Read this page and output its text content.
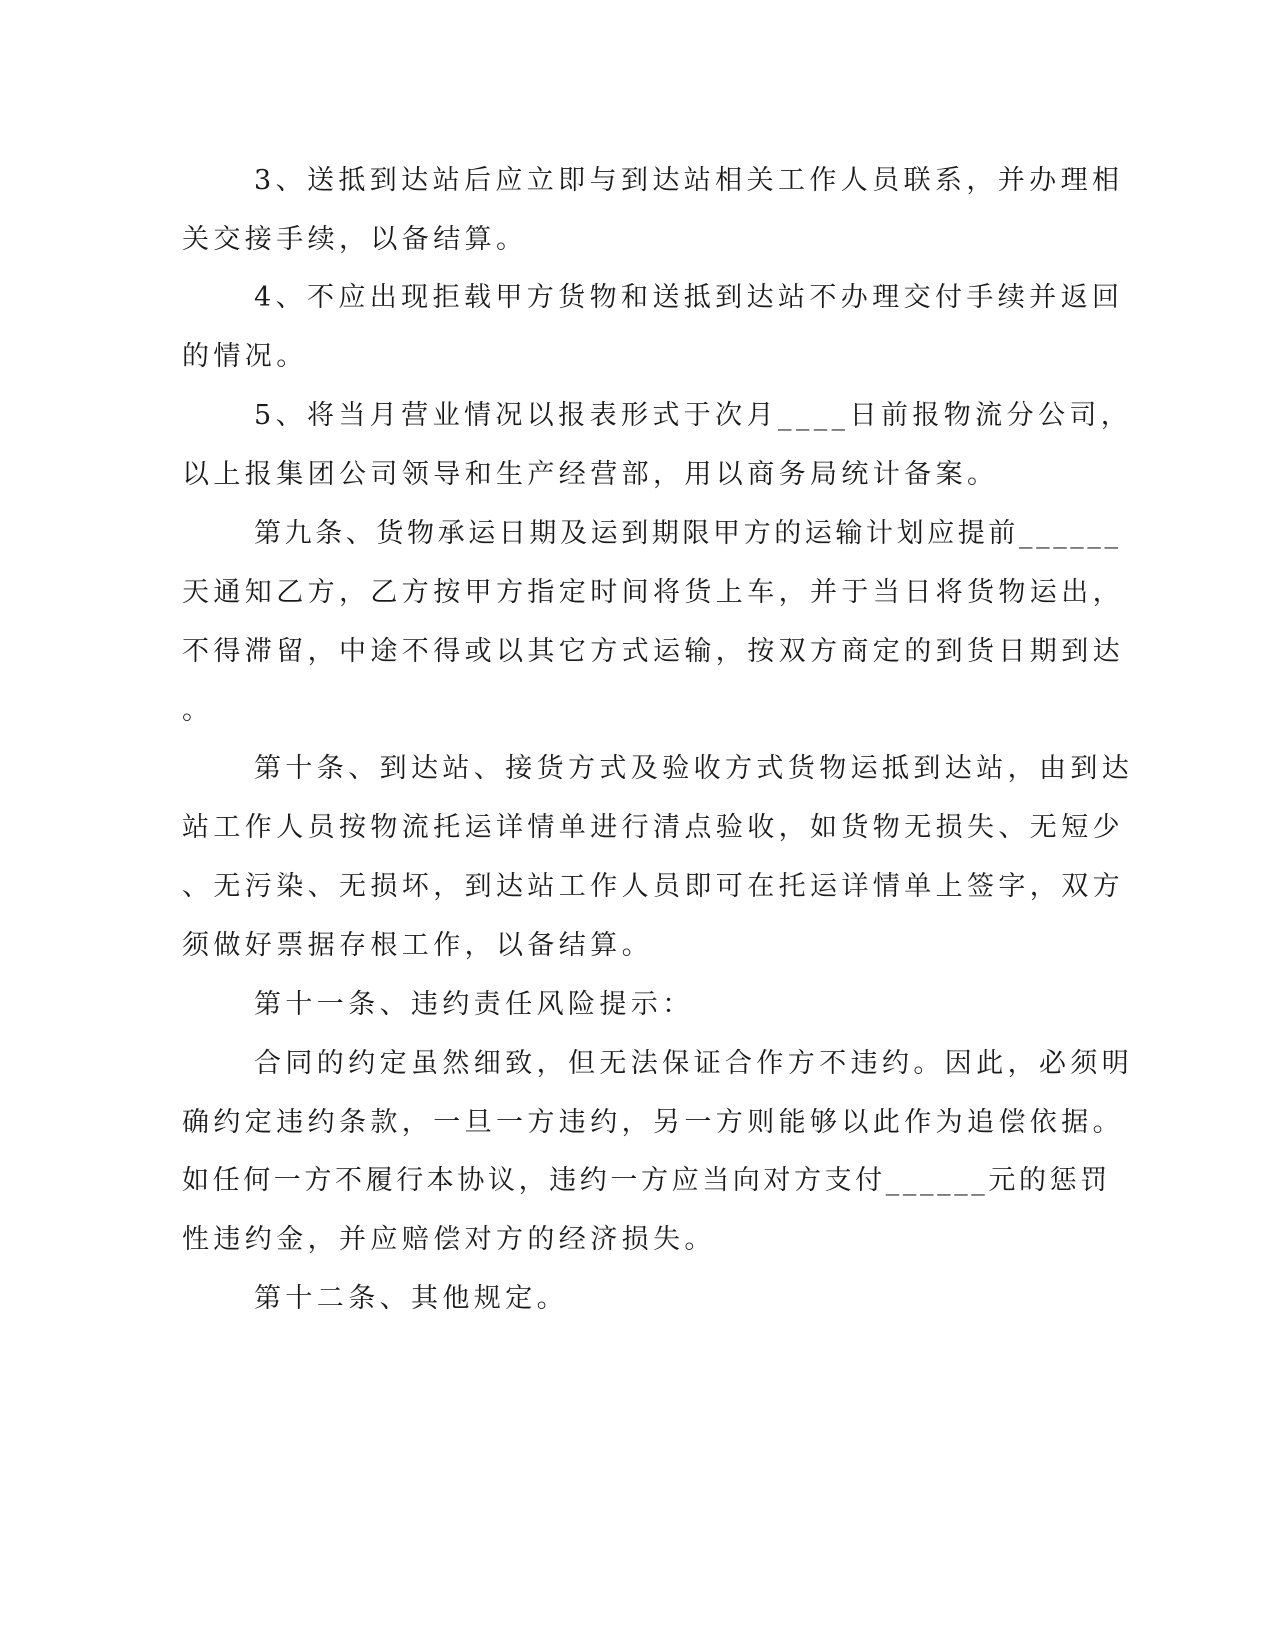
3、送抵到达站后应立即与到达站相关工作人员联系，并办理相
关交接手续，以备结算。
4、不应出现拒载甲方货物和送抵到达站不办理交付手续并返回
的情况。
5、将当月营业情况以报表形式于次月____日前报物流分公司，
以上报集团公司领导和生产经营部，用以商务局统计备案。
第九条、货物承运日期及运到期限甲方的运输计划应提前______
天通知乙方，乙方按甲方指定时间将货上车，并于当日将货物运出，
不得滞留，中途不得或以其它方式运输，按双方商定的到货日期到达
。
第十条、到达站、接货方式及验收方式货物运抵到达站，由到达
站工作人员按物流托运详情单进行清点验收，如货物无损失、无短少
、无污染、无损坏，到达站工作人员即可在托运详情单上签字，双方
须做好票据存根工作，以备结算。
第十一条、违约责任风险提示：
合同的约定虽然细致，但无法保证合作方不违约。因此，必须明
确约定违约条款，一旦一方违约，另一方则能够以此作为追偿依据。
如任何一方不履行本协议，违约一方应当向对方支付______元的惩罚
性违约金，并应赔偿对方的经济损失。
第十二条、其他规定。
